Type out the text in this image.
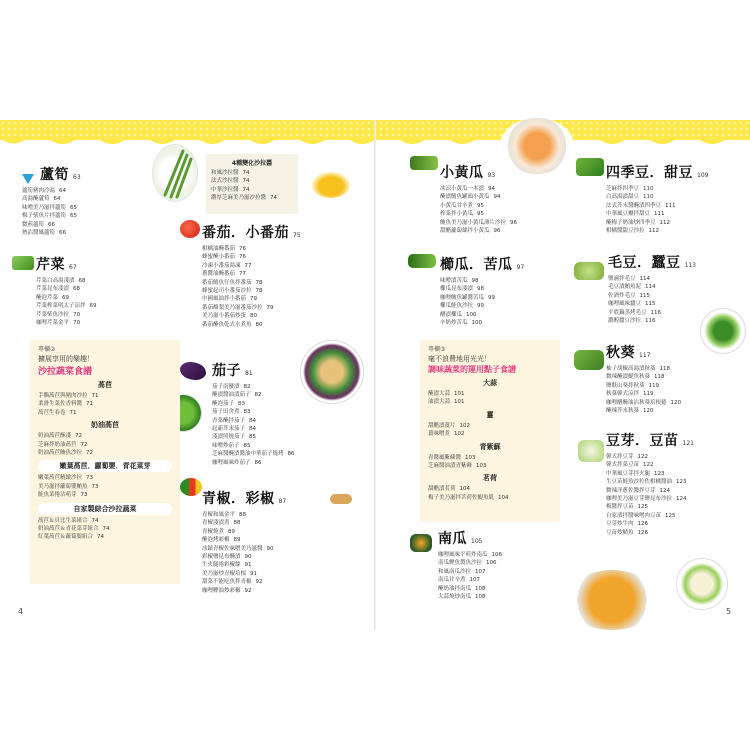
蘆筍 63
蘆筍豬肉冷湯 64
高湯醃蘆筍 64
味噌美乃滋拌蘆筍 65
梅子柴魚片拌蘆筍 65
微煎蘆筍 66
熱沾醬風蘆筍 66
芹菜 67
芹菜白高湯淺漬 68
芹菜昆布淺漬 68
醃泡芹菜 69
芹菜榨菜明太子涼拌 69
芹菜柴魚沙拉 70
咖哩芹菜金平 70
4種變化沙拉醬
和風沙拉醬 74
法式沙拉醬 74
中華沙拉醬 74
濃厚芝麻美乃滋沙拉醬 74
番茄．小番茄 75
柑橘油醃番茄 76
蜂蜜醃小番茄 76
冷凍小番茄湯凍 77
蔥醬油醃番茄 77
番茄鯖魚仔魚拌番茄 78
蜂蜜起司小番茄沙拉 78
中國風油拌小番茄 79
番茄酪梨美乃滋番茄沙拉 79
美乃滋小番茄炒蛋 80
番茄醃魚乾式水煮魚 80
茄子 81
茄子南蠻漬 82
醃漬醬油漬茄子 82
醃泡茄子 83
茄子田舍煮 83
香菜醃拌茄子 84
起霸芥末茄子 84
淺漬照燒茄子 85
味噌炒茄子 85
芝麻醬醃漬醬油中華茄子燒烤 86
咖哩風味炸茄子 86
青椒．彩椒 87
青椒和風金平 88
青椒淺漬煮 88
青椒燒煮 89
醃泡烤彩椒 89
冰鎮青椒佐味噌美乃滋醬 90
彩椒鹽昆布醃漬 90
生火腿捲彩椒絲 91
美乃滋炒青椒培根 91
甜菜不能吃魚拌青椒 92
咖哩鰹油炒彩椒 92
專欄②
擴展享用的樂趣！
沙拉蔬菜食譜
萵苣
手撕萵苣與豬肉沙拉 71
柔滑生菜佐香料醬 71
萵苣生春卷 71
奶油萵苣
奶油萵苣酥淺 72
芝麻拌奶油萵苣 72
奶油萵苣鮪魚沙拉 72
嫩葉萵苣．蘿蔔嬰．青花菜芽
嫩葉萵苣精緻沙拉 73
美乃滋拌蘿蔔嬰鮪魚 73
鮭魚菜捲沾萌芽 73
自家製綜合沙拉蔬菜
萵苣＆貝比生菜組合 74
奶油萵苣＆青花菜芽組合 74
紅葉萵苣＆蘿蔔嬰組合 74
小黃瓜 93
冰涼小黃瓜一本漬 94
醃漬鯖魚罐頭小黃瓜 94
小黃瓜甘辛煮 95
榨菜拌小黃瓜 95
鮪魚美乃滋小黃瓜薄片沙拉 96
甜醋蘿蔔絲拌小黃瓜 96
櫛瓜．苦瓜 97
味噌漬苦瓜 98
櫛瓜昆布淺漬 98
咖哩鮪魚罐醬苦瓜 99
櫛瓜鮭魚沙拉 99
醋漬櫛瓜 100
辛奶炒苦瓜 100
四季豆．甜豆 109
芝麻拌四季豆 110
白高湯漬甜豆 110
法式芥末醬醃漬四季豆 111
中華風豆瓣拌甜豆 111
醃梅子奶油炒四季豆 112
柑橘醬甜豆沙拉 112
毛豆．蠶豆 113
鹽滷拌毛豆 114
毛豆漬鮪魚泥 114
佐酒炸毛豆 115
咖哩風味蠶豆 115
平底鍋蒸烤毛豆 116
濃醇蠶豆沙拉 116
秋葵 117
柚子胡椒高湯漬秋葵 118
微辣醃漬鯷魚秋葵 118
鹽麩山葵拌秋葵 119
秋葵韓式涼拌 119
咖哩醋醃油沾秋葵培根捲 120
醃辣芥末秋葵 120
豆芽．豆苗 121
韓式拌豆芽 122
韓式拌菜豆苗 122
中華風豆芽拌火腿 123
生豆苗鮭魚沙拉佐柑橘醬油 123
微辣洋蔥佐醬拌豆芽 124
咖哩美乃滋豆芽鹽昆布沙拉 124
梅醬拌豆苗 125
自家漬拌醬味噌肉豆苗 125
豆芽炒牛肉 126
豆苗炒鯖魚 126
南瓜 105
咖哩風味平煎炸南瓜 106
南瓜鰹魚製魚沙拉 106
和風南瓜沙拉 107
南瓜甘辛煮 107
醃奶油拌南瓜 108
大蒜燒炒南瓜 108
專欄③
毫不浪費地用光光！
調味蔬菜的運用點子食譜
大蒜
醃漬大蒜 101
油漬大蒜 101
薑
甜醋漬薑片 102
薑味噌煮 102
青紫蘇
青醬風紫蘇醬 103
芝麻醬油漬青紫蘇 103
茗荷
甜醋漬茗荷 104
梅子美乃滋拌茗荷佐鯷魚肌 104
4	5
